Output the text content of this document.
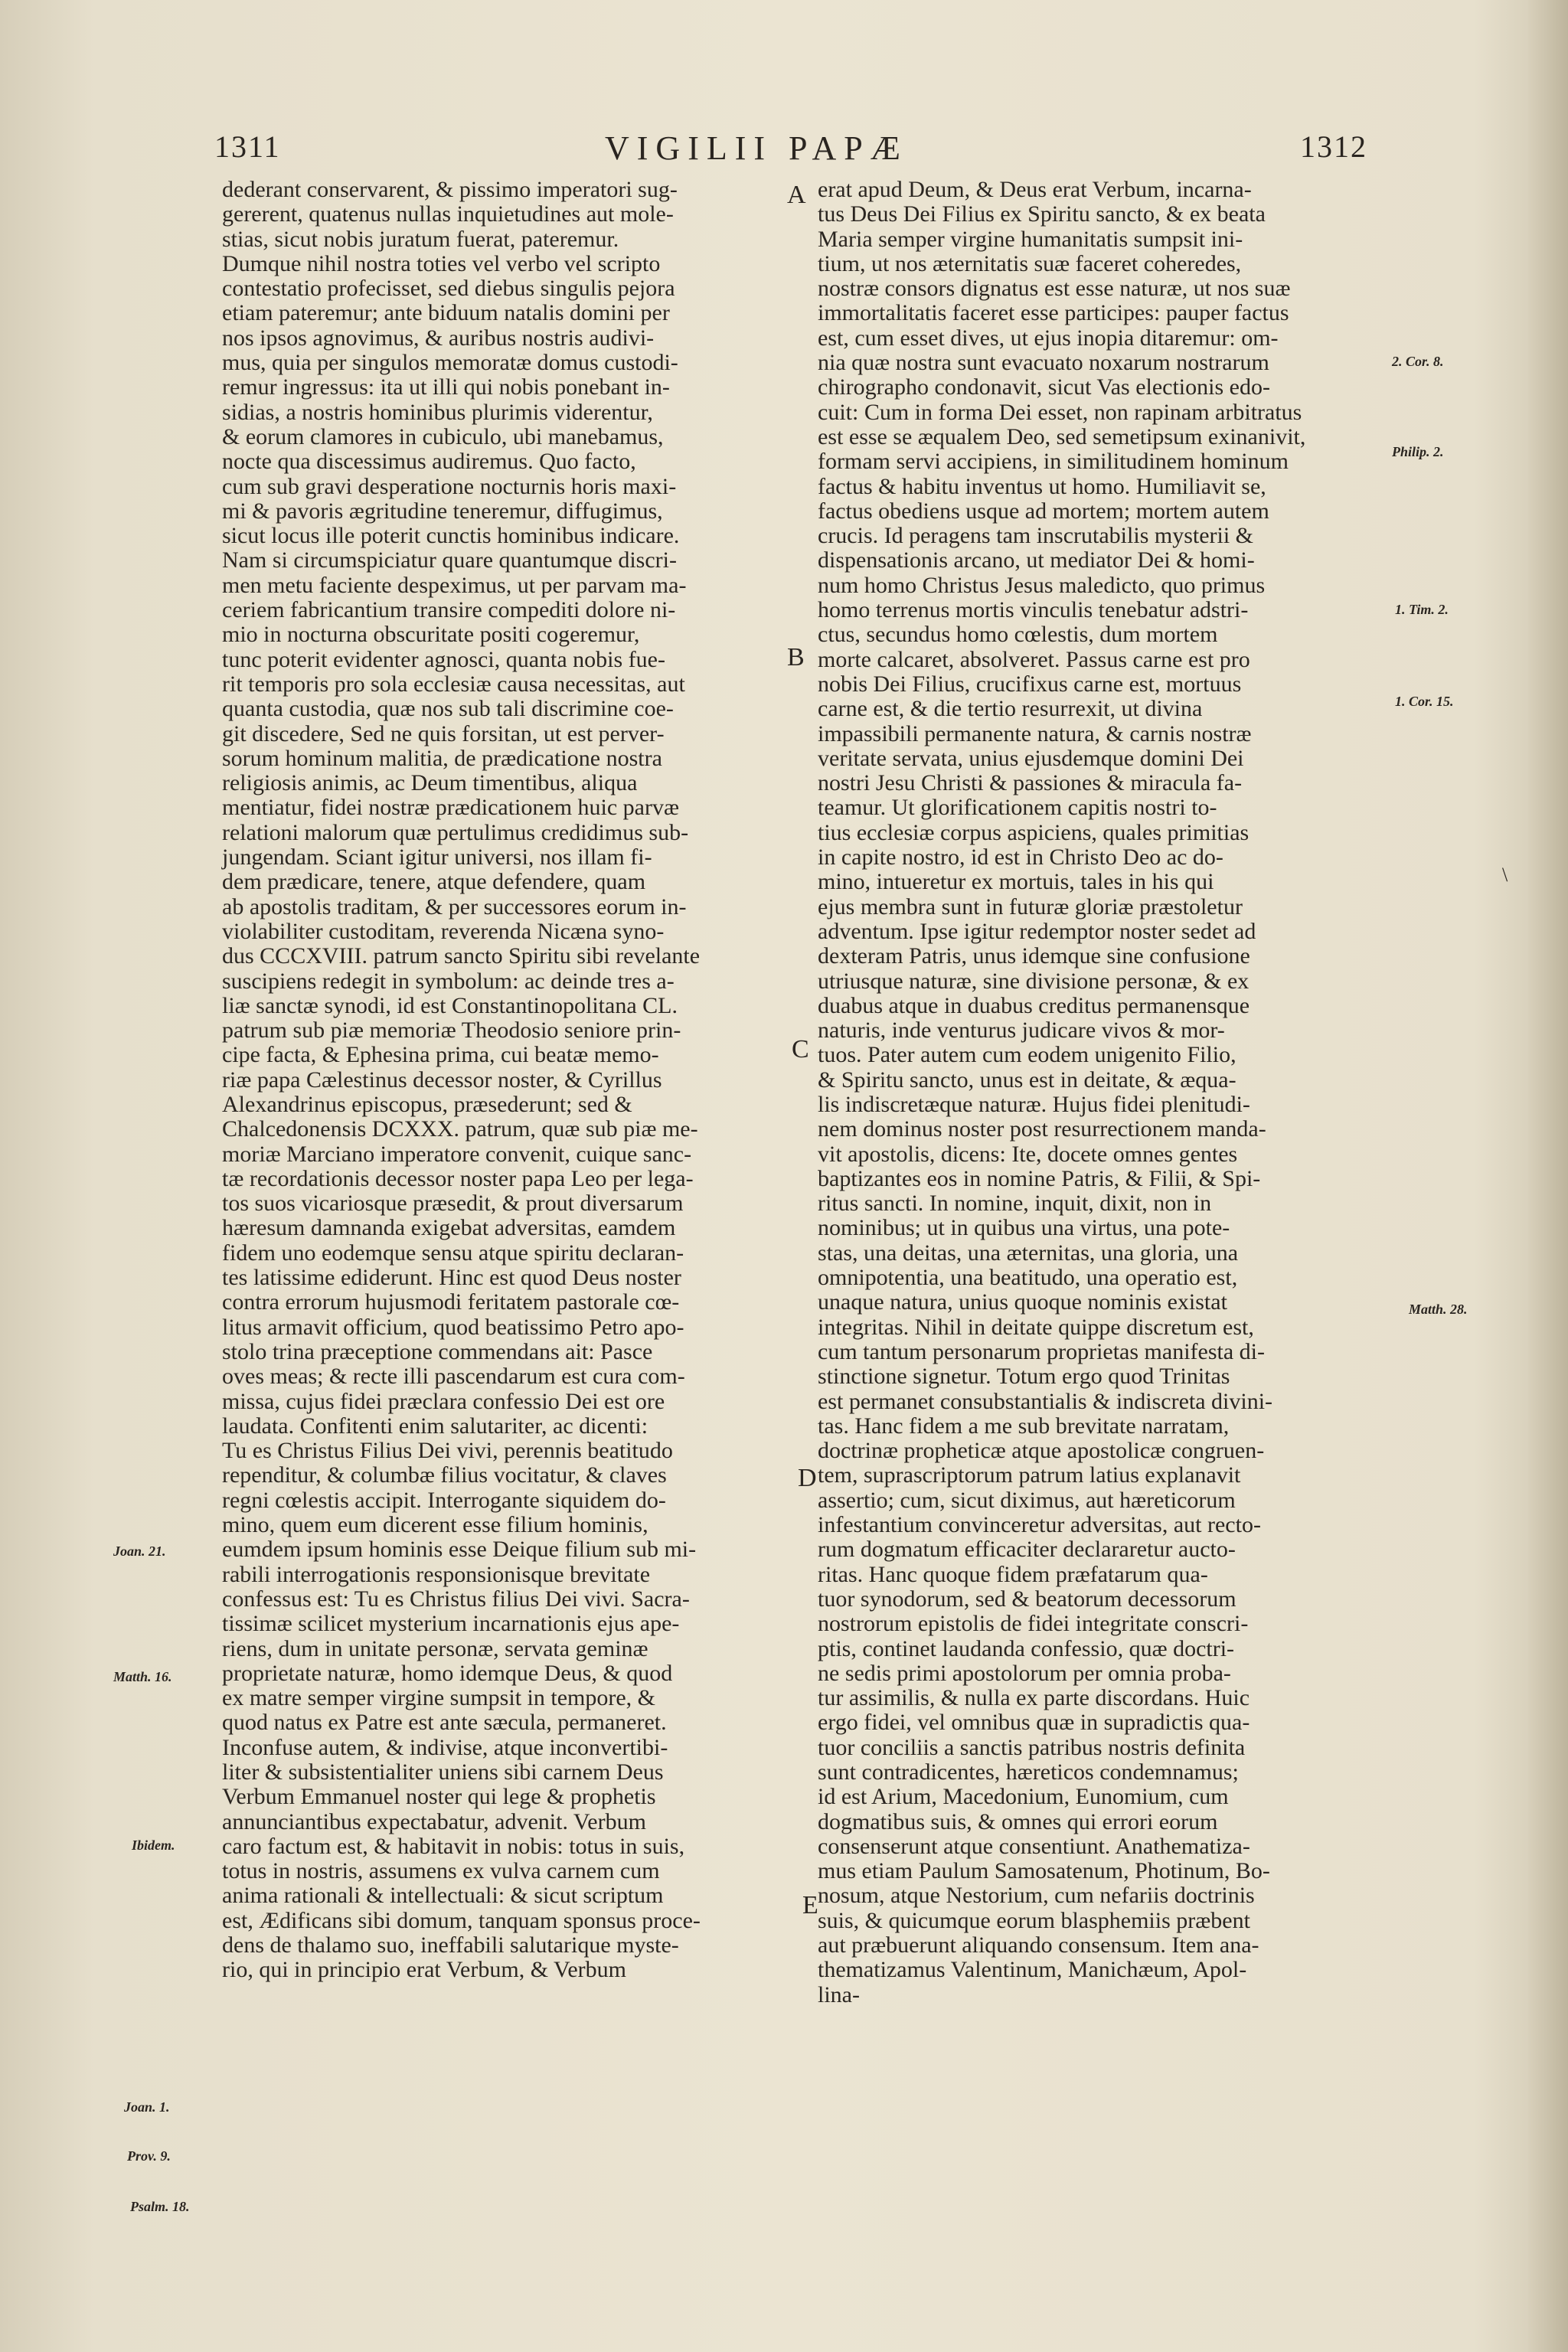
1311	VIGILII PAPÆ	1312
dederant conservarent, & pissimo imperatori sug-
gererent, quatenus nullas inquietudines aut mole-
stias, sicut nobis juratum fuerat, pateremur.
Dumque nihil nostra toties vel verbo vel scripto
contestatio profecisset, sed diebus singulis pejora
etiam pateremur; ante biduum natalis domini per
nos ipsos agnovimus, & auribus nostris audivi-
mus, quia per singulos memoratæ domus custodi-
remur ingressus: ita ut illi qui nobis ponebant in-
sidias, a nostris hominibus plurimis viderentur,
& eorum clamores in cubiculo, ubi manebamus,
nocte qua discessimus audiremus. Quo facto,
cum sub gravi desperatione nocturnis horis maxi-
mi & pavoris ægritudine teneremur, diffugimus,
sicut locus ille poterit cunctis hominibus indicare.
Nam si circumspiciatur quare quantumque discri-
men metu faciente despeximus, ut per parvam ma-
ceriem fabricantium transire compediti dolore ni-
mio in nocturna obscuritate positi cogeremur,
tunc poterit evidenter agnosci, quanta nobis fue-
rit temporis pro sola ecclesiæ causa necessitas, aut
quanta custodia, quæ nos sub tali discrimine coe-
git discedere, Sed ne quis forsitan, ut est perver-
sorum hominum malitia, de prædicatione nostra
religiosis animis, ac Deum timentibus, aliqua
mentiatur, fidei nostræ prædicationem huic parvæ
relationi malorum quæ pertulimus credidimus sub-
jungendam. Sciant igitur universi, nos illam fi-
dem prædicare, tenere, atque defendere, quam
ab apostolis traditam, & per successores eorum in-
violabiliter custoditam, reverenda Nicæna syno-
dus CCCXVIII. patrum sancto Spiritu sibi revelante
suscipiens redegit in symbolum: ac deinde tres a-
liæ sanctæ synodi, id est Constantinopolitana CL.
patrum sub piæ memoriæ Theodosio seniore prin-
cipe facta, & Ephesina prima, cui beatæ memo-
riæ papa Cælestinus decessor noster, & Cyrillus
Alexandrinus episcopus, præsederunt; sed &
Chalcedonensis DCXXX. patrum, quæ sub piæ me-
moriæ Marciano imperatore convenit, cuique sanc-
tæ recordationis decessor noster papa Leo per lega-
tos suos vicariosque præsedit, & prout diversarum
hæresum damnanda exigebat adversitas, eamdem
fidem uno eodemque sensu atque spiritu declaran-
tes latissime ediderunt. Hinc est quod Deus noster
contra errorum hujusmodi feritatem pastorale cœ-
litus armavit officium, quod beatissimo Petro apo-
stolo trina præceptione commendans ait: Pasce
oves meas; & recte illi pascendarum est cura com-
missa, cujus fidei præclara confessio Dei est ore
laudata. Confitenti enim salutariter, ac dicenti:
Tu es Christus Filius Dei vivi, perennis beatitudo
rependitur, & columbæ filius vocitatur, & claves
regni cœlestis accipit. Interrogante siquidem do-
mino, quem eum dicerent esse filium hominis,
eumdem ipsum hominis esse Deique filium sub mi-
rabili interrogationis responsionisque brevitate
confessus est: Tu es Christus filius Dei vivi. Sacra-
tissimæ scilicet mysterium incarnationis ejus ape-
riens, dum in unitate personæ, servata geminæ
proprietate naturæ, homo idemque Deus, & quod
ex matre semper virgine sumpsit in tempore, &
quod natus ex Patre est ante sæcula, permaneret.
Inconfuse autem, & indivise, atque inconvertibi-
liter & subsistentialiter uniens sibi carnem Deus
Verbum Emmanuel noster qui lege & prophetis
annunciantibus expectabatur, advenit. Verbum
caro factum est, & habitavit in nobis: totus in suis,
totus in nostris, assumens ex vulva carnem cum
anima rationali & intellectuali: & sicut scriptum
est, Ædificans sibi domum, tanquam sponsus proce-
dens de thalamo suo, ineffabili salutarique myste-
rio, qui in principio erat Verbum, & Verbum
erat apud Deum, & Deus erat Verbum, incarna-
tus Deus Dei Filius ex Spiritu sancto, & ex beata
Maria semper virgine humanitatis sumpsit ini-
tium, ut nos æternitatis suæ faceret coheredes,
nostræ consors dignatus est esse naturæ, ut nos suæ
immortalitatis faceret esse participes: pauper factus
est, cum esset dives, ut ejus inopia ditaremur: om-
nia quæ nostra sunt evacuato noxarum nostrarum
chirographo condonavit, sicut Vas electionis edo-
cuit: Cum in forma Dei esset, non rapinam arbitratus
est esse se æqualem Deo, sed semetipsum exinanivit,
formam servi accipiens, in similitudinem hominum
factus & habitu inventus ut homo. Humiliavit se,
factus obediens usque ad mortem; mortem autem
crucis. Id peragens tam inscrutabilis mysterii &
dispensationis arcano, ut mediator Dei & homi-
num homo Christus Jesus maledicto, quo primus
homo terrenus mortis vinculis tenebatur adstri-
ctus, secundus homo cœlestis, dum mortem
morte calcaret, absolveret. Passus carne est pro
nobis Dei Filius, crucifixus carne est, mortuus
carne est, & die tertio resurrexit, ut divina
impassibili permanente natura, & carnis nostræ
veritate servata, unius ejusdemque domini Dei
nostri Jesu Christi & passiones & miracula fa-
teamur. Ut glorificationem capitis nostri to-
tius ecclesiæ corpus aspiciens, quales primitias
in capite nostro, id est in Christo Deo ac do-
mino, intueretur ex mortuis, tales in his qui
ejus membra sunt in futuræ gloriæ præstoletur
adventum. Ipse igitur redemptor noster sedet ad
dexteram Patris, unus idemque sine confusione
utriusque naturæ, sine divisione personæ, & ex
duabus atque in duabus creditus permanensque
naturis, inde venturus judicare vivos & mor-
tuos. Pater autem cum eodem unigenito Filio,
& Spiritu sancto, unus est in deitate, & æqua-
lis indiscretæque naturæ. Hujus fidei plenitudi-
nem dominus noster post resurrectionem manda-
vit apostolis, dicens: Ite, docete omnes gentes
baptizantes eos in nomine Patris, & Filii, & Spi-
ritus sancti. In nomine, inquit, dixit, non in
nominibus; ut in quibus una virtus, una pote-
stas, una deitas, una æternitas, una gloria, una
omnipotentia, una beatitudo, una operatio est,
unaque natura, unius quoque nominis existat
integritas. Nihil in deitate quippe discretum est,
cum tantum personarum proprietas manifesta di-
stinctione signetur. Totum ergo quod Trinitas
est permanet consubstantialis & indiscreta divini-
tas. Hanc fidem a me sub brevitate narratam,
doctrinæ propheticæ atque apostolicæ congruen-
tem, suprascriptorum patrum latius explanavit
assertio; cum, sicut diximus, aut hæreticorum
infestantium convinceretur adversitas, aut recto-
rum dogmatum efficaciter declararetur aucto-
ritas. Hanc quoque fidem præfatarum qua-
tuor synodorum, sed & beatorum decessorum
nostrorum epistolis de fidei integritate conscri-
ptis, continet laudanda confessio, quæ doctri-
ne sedis primi apostolorum per omnia proba-
tur assimilis, & nulla ex parte discordans. Huic
ergo fidei, vel omnibus quæ in supradictis qua-
tuor conciliis a sanctis patribus nostris definita
sunt contradicentes, hæreticos condemnamus;
id est Arium, Macedonium, Eunomium, cum
dogmatibus suis, & omnes qui errori eorum
consenserunt atque consentiunt. Anathematiza-
mus etiam Paulum Samosatenum, Photinum, Bo-
nosum, atque Nestorium, cum nefariis doctrinis
suis, & quicumque eorum blasphemiis præbent
aut præbuerunt aliquando consensum. Item ana-
thematizamus Valentinum, Manichæum, Apol-
lina-
A
B
C
D
E
Joan. 21.
Matth. 16.
Ibidem.
Joan. 1.
Prov. 9.
Psalm. 18.
2. Cor. 8.
Philip. 2.
1. Tim. 2.
1. Cor. 15.
Matth. 28.
\
